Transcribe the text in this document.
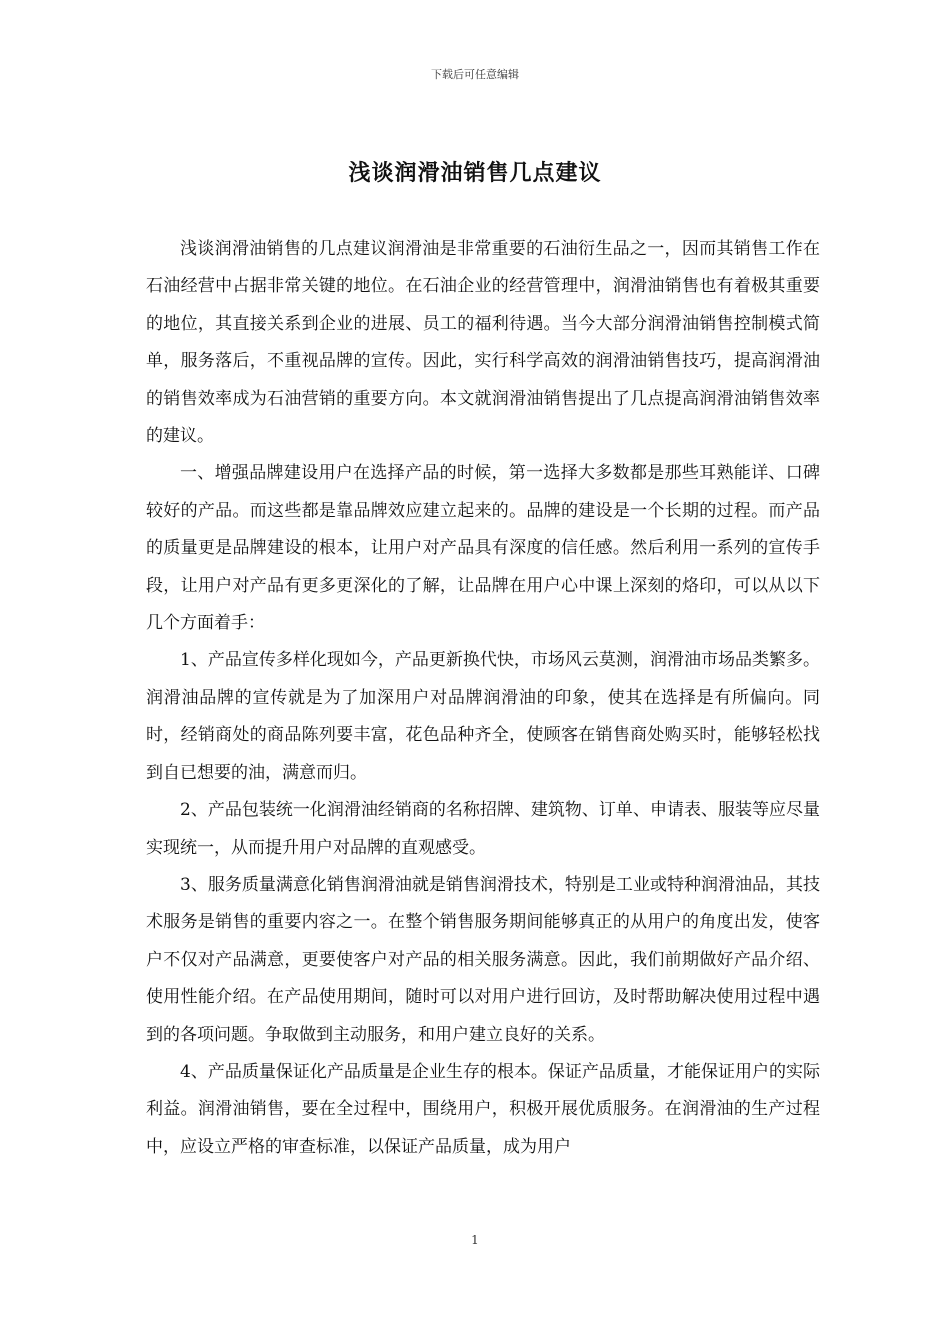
下载后可任意编辑
浅谈润滑油销售几点建议

浅谈润滑油销售的几点建议润滑油是非常重要的石油衍生品之一，因而其销售工作在石油经营中占据非常关键的地位。在石油企业的经营管理中，润滑油销售也有着极其重要的地位，其直接关系到企业的进展、员工的福利待遇。当今大部分润滑油销售控制模式简单，服务落后，不重视品牌的宣传。因此，实行科学高效的润滑油销售技巧，提高润滑油的销售效率成为石油营销的重要方向。本文就润滑油销售提出了几点提高润滑油销售效率的建议。

一、增强品牌建设用户在选择产品的时候，第一选择大多数都是那些耳熟能详、口碑较好的产品。而这些都是靠品牌效应建立起来的。品牌的建设是一个长期的过程。而产品的质量更是品牌建设的根本，让用户对产品具有深度的信任感。然后利用一系列的宣传手段，让用户对产品有更多更深化的了解，让品牌在用户心中课上深刻的烙印，可以从以下几个方面着手：

1、产品宣传多样化现如今，产品更新换代快，市场风云莫测，润滑油市场品类繁多。润滑油品牌的宣传就是为了加深用户对品牌润滑油的印象，使其在选择是有所偏向。同时，经销商处的商品陈列要丰富，花色品种齐全，使顾客在销售商处购买时，能够轻松找到自已想要的油，满意而归。

2、产品包装统一化润滑油经销商的名称招牌、建筑物、订单、申请表、服装等应尽量实现统一，从而提升用户对品牌的直观感受。

3、服务质量满意化销售润滑油就是销售润滑技术，特别是工业或特种润滑油品，其技术服务是销售的重要内容之一。在整个销售服务期间能够真正的从用户的角度出发，使客户不仅对产品满意，更要使客户对产品的相关服务满意。因此，我们前期做好产品介绍、使用性能介绍。在产品使用期间，随时可以对用户进行回访，及时帮助解决使用过程中遇到的各项问题。争取做到主动服务，和用户建立良好的关系。

4、产品质量保证化产品质量是企业生存的根本。保证产品质量，才能保证用户的实际利益。润滑油销售，要在全过程中，围绕用户，积极开展优质服务。在润滑油的生产过程中，应设立严格的审查标准，以保证产品质量，成为用户

1
